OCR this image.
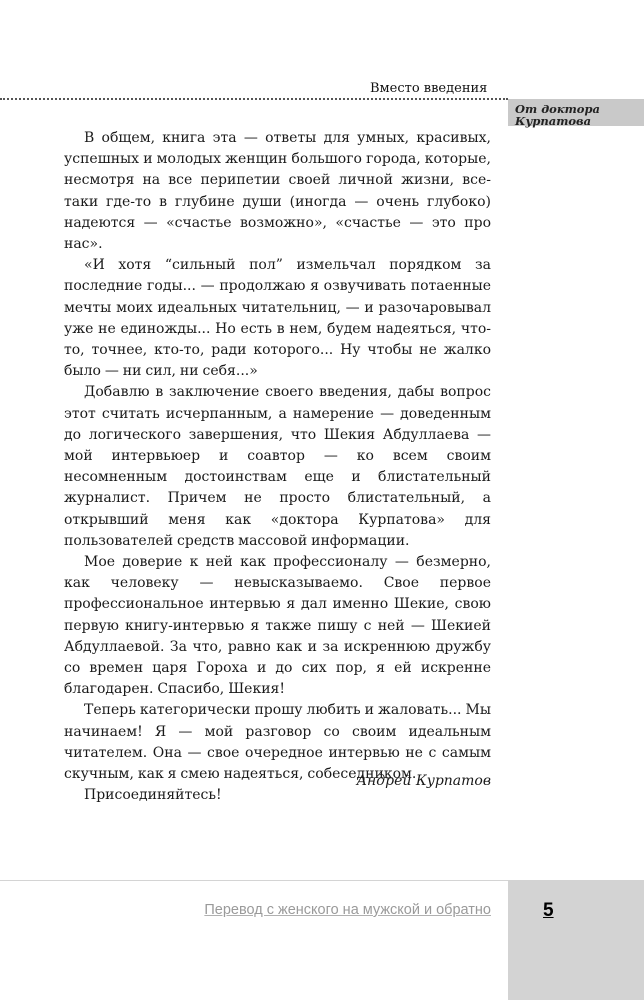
Вместо введения
От доктора
Курпатова

В общем, книга эта — ответы для умных, красивых, успешных и молодых женщин большого города, которые, несмотря на все перипетии своей личной жизни, все-таки где-то в глубине души (иногда — очень глубоко) надеются — «счастье возможно», «счастье — это про нас».

«И хотя “сильный пол” измельчал порядком за последние годы... — продолжаю я озвучивать потаенные мечты моих идеальных читательниц, — и разочаровывал уже не единожды... Но есть в нем, будем надеяться, что-то, точнее, кто-то, ради которого... Ну чтобы не жалко было — ни сил, ни себя...»

Добавлю в заключение своего введения, дабы вопрос этот считать исчерпанным, а намерение — доведенным до логического завершения, что Шекия Абдуллаева — мой интервьюер и соавтор — ко всем своим несомненным достоинствам еще и блистательный журналист. Причем не просто блистательный, а открывший меня как «доктора Курпатова» для пользователей средств массовой информации.

Мое доверие к ней как профессионалу — безмерно, как человеку — невысказываемо. Свое первое профессиональное интервью я дал именно Шекие, свою первую книгу-интервью я также пишу с ней — Шекией Абдуллаевой. За что, равно как и за искреннюю дружбу со времен царя Гороха и до сих пор, я ей искренне благодарен. Спасибо, Шекия!

Теперь категорически прошу любить и жаловать... Мы начинаем! Я — мой разговор со своим идеальным читателем. Она — свое очередное интервью не с самым скучным, как я смею надеяться, собеседником.

Присоединяйтесь!

Андрей Курпатов
Перевод с женского на мужской и обратно	5
